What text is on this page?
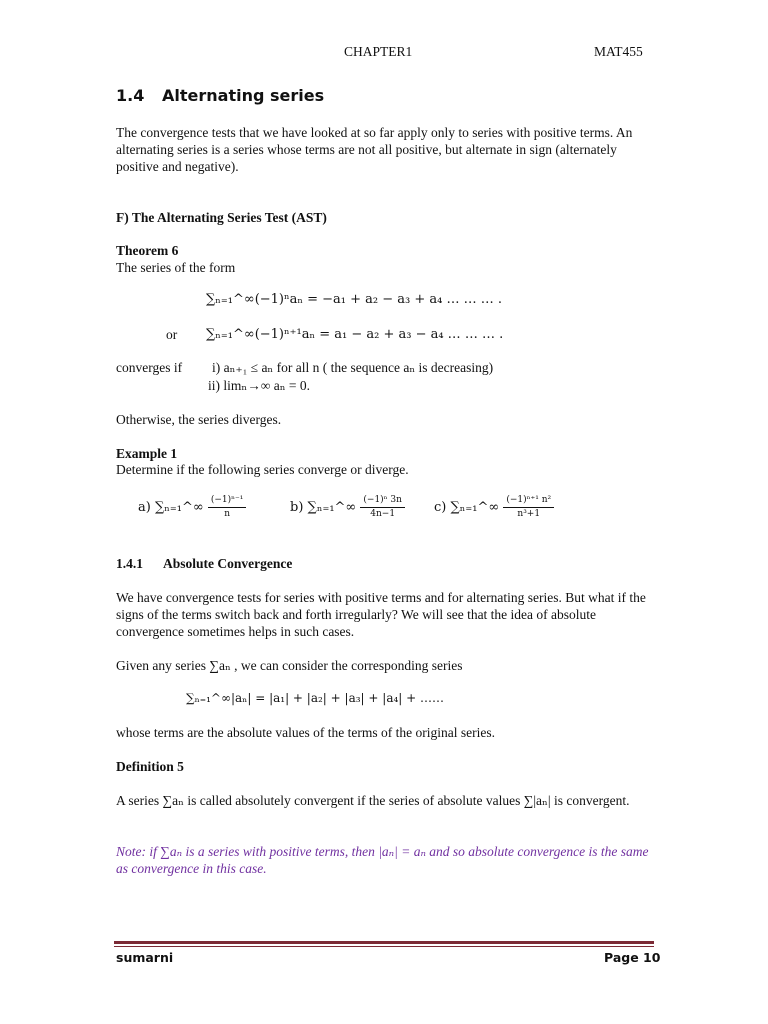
CHAPTER1	MAT455
1.4 Alternating series
The convergence tests that we have looked at so far apply only to series with positive terms. An alternating series is a series whose terms are not all positive, but alternate in sign (alternately positive and negative).
F) The Alternating Series Test (AST)
Theorem 6
The series of the form
∑ₙ₌₁^∞(−1)ⁿaₙ = −a₁ + a₂ − a₃ + a₄ … … … .
or ∑ₙ₌₁^∞(−1)ⁿ⁺¹aₙ = a₁ − a₂ + a₃ − a₄ … … … .
converges if i) aₙ₊₁ ≤ aₙ for all n ( the sequence aₙ is decreasing)
ii) limₙ→∞ aₙ = 0.
Otherwise, the series diverges.
Example 1
Determine if the following series converge or diverge.
a) ∑ₙ₌₁^∞ $\frac{\text{(−1)ⁿ⁻¹}}{n}$	b) ∑ₙ₌₁^∞ $\frac{\text{(−1)ⁿ 3n}}{4n-1} c$) ∑ₙ₌₁^∞ $\frac{\text{(−1)ⁿ⁺¹ n²}}{\text{n³+1}}$
1.4.1 Absolute Convergence
We have convergence tests for series with positive terms and for alternating series. But what if the signs of the terms switch back and forth irregularly? We will see that the idea of absolute convergence sometimes helps in such cases.
Given any series ∑aₙ , we can consider the corresponding series
∑ₙ₌₁^∞|aₙ| = |a₁| + |a₂| + |a₃| + |a₄| + ……
whose terms are the absolute values of the terms of the original series.
Definition 5
A series ∑aₙ is called absolutely convergent if the series of absolute values ∑|aₙ| is convergent.
Note: if ∑aₙ is a series with positive terms, then |aₙ| = aₙ and so absolute convergence is the same as convergence in this case.
sumarni	Page 10
